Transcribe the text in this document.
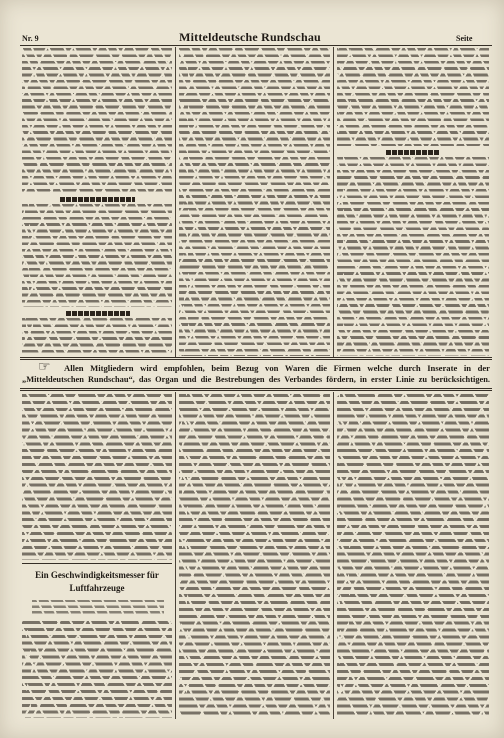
Nr. 9	Mitteldeutsche Rundschau	Seite
☞
Allen Mitgliedern wird empfohlen, beim Bezug von Waren die Firmen welche durch Inserate in der
„Mitteldeutschen Rundschau“, das Organ und die Bestrebungen des Verbandes fördern, in erster Linie zu berücksichtigen.
Ein Geschwindigkeitsmesser für
Luftfahrzeuge
